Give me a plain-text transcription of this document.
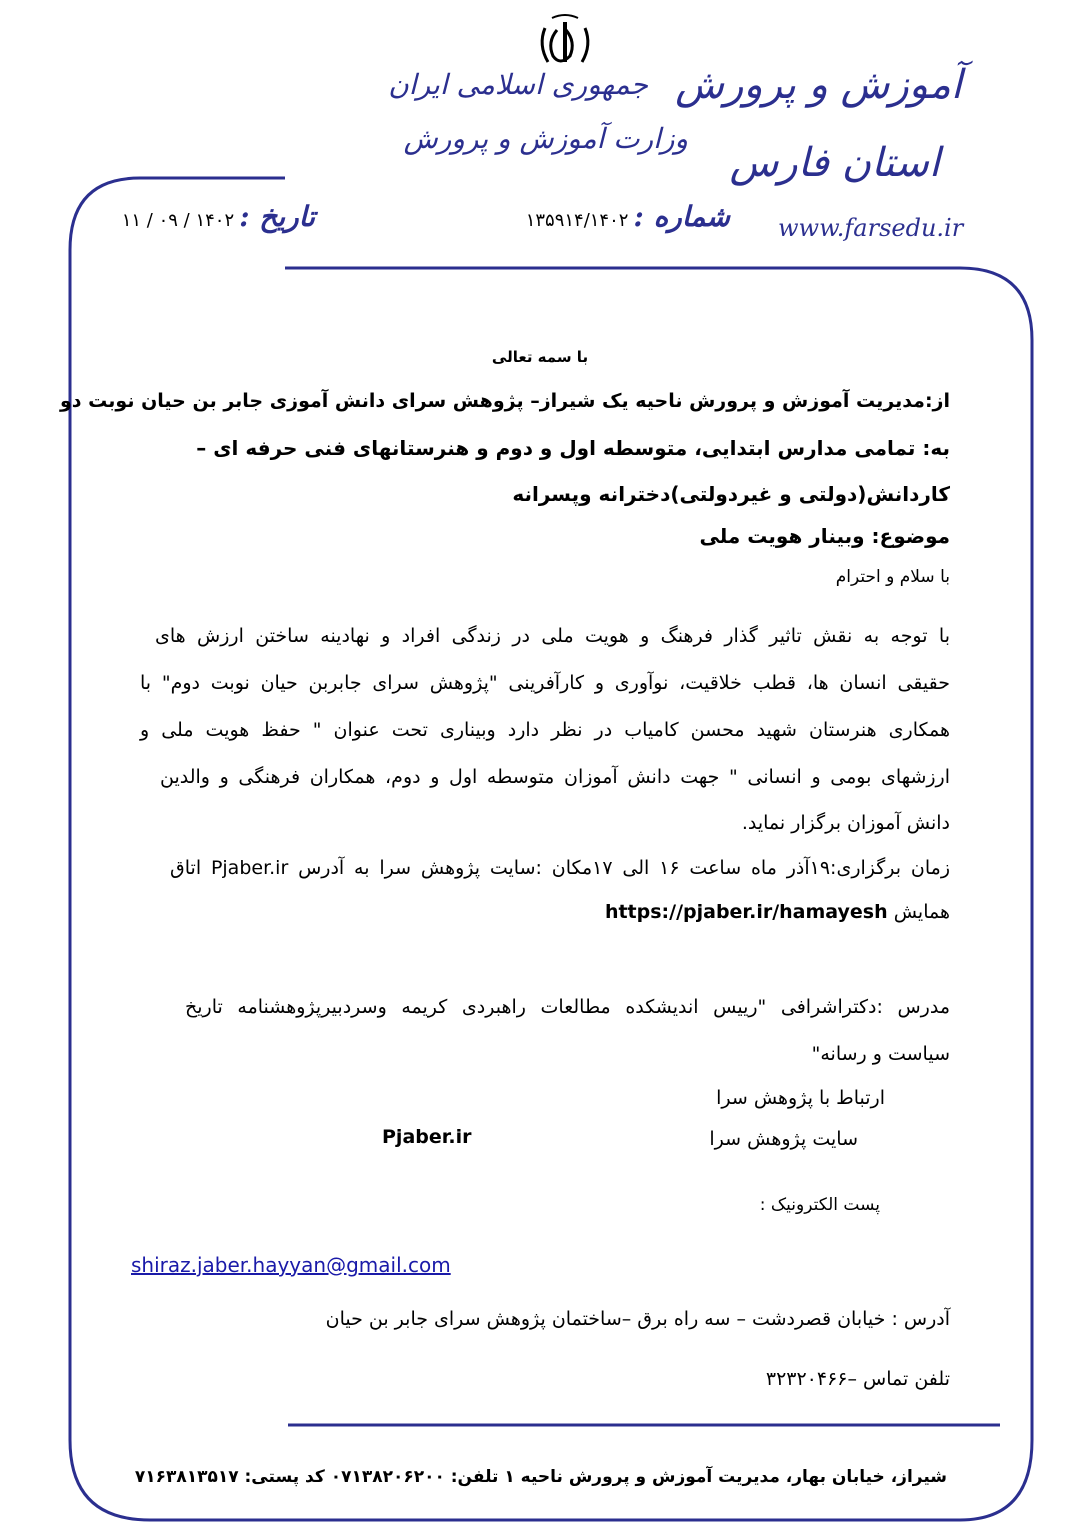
آموزش و پرورش
استان فارس
جمهوری اسلامی ایران
وزارت آموزش و پرورش
www.farsedu.ir
شماره : ۱۳۵۹۱۴/۱۴۰۲
تاریخ : ۱۴۰۲ / ۰۹ / ۱۱
با سمه تعالی
از:مدیریت آموزش و پرورش ناحیه یک شیراز– پژوهش سرای دانش آموزی جابر بن حیان نوبت دو
به: تمامی مدارس ابتدایی، متوسطه اول و دوم و هنرستانهای فنی حرفه ای –
کاردانش(دولتی و غیردولتی)دخترانه وپسرانه
موضوع: وبینار هویت ملی
با سلام و احترام
با توجه به نقش تاثیر گذار فرهنگ و هویت ملی در زندگی افراد و نهادینه ساختن ارزش های
حقیقی انسان ها، قطب خلاقیت، نوآوری و کارآفرینی "پژوهش سرای جابربن حیان نوبت دوم" با
همکاری هنرستان شهید محسن کامیاب در نظر دارد وبیناری تحت عنوان " حفظ هویت ملی و
ارزشهای بومی و انسانی " جهت دانش آموزان متوسطه اول و دوم، همکاران فرهنگی و والدین
دانش آموزان برگزار نماید.
زمان برگزاری:۱۹آذر ماه ساعت ۱۶ الی ۱۷مکان :سایت پژوهش سرا به آدرس Pjaber.ir اتاق
همایش https://pjaber.ir/hamayesh
مدرس :دکتراشرافی "رییس اندیشکده مطالعات راهبردی کریمه وسردبیرپژوهشنامه تاریخ
سیاست و رسانه"
ارتباط با پژوهش سرا
سایت پژوهش سرا
Pjaber.ir
پست الکترونیک :
shiraz.jaber.hayyan@gmail.com
آدرس : خیابان قصردشت – سه راه برق –ساختمان پژوهش سرای جابر بن حیان
تلفن تماس –۳۲۳۲۰۴۶۶
شیراز، خیابان بهار، مدیریت آموزش و پرورش ناحیه ۱ تلفن: ۰۷۱۳۸۲۰۶۲۰۰ کد پستی: ۷۱۶۳۸۱۳۵۱۷
